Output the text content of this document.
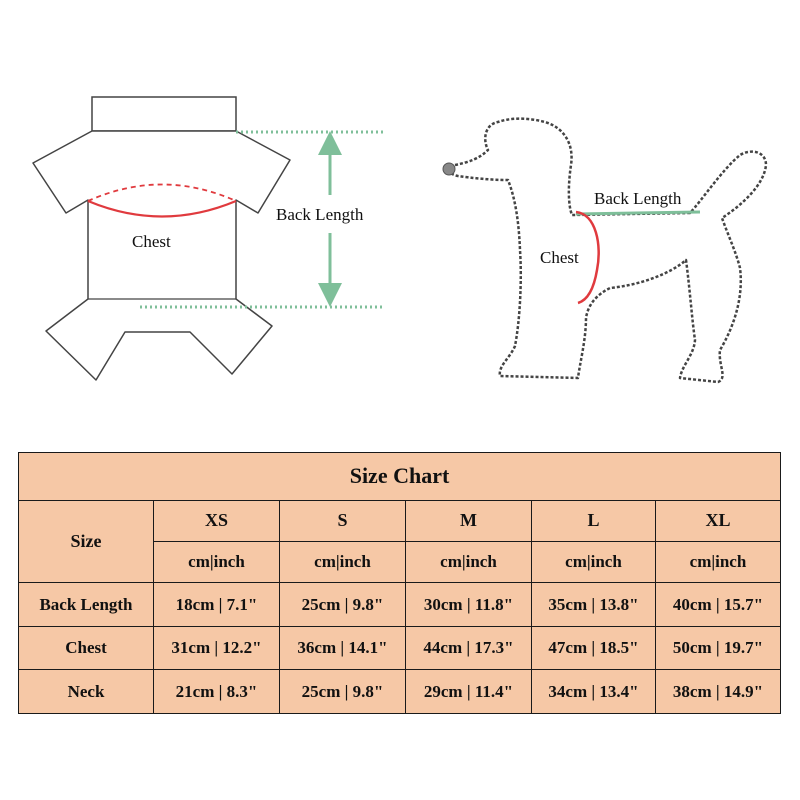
Chest
Back Length
Back Length
Chest
Size Chart					
Size	XS	S	M	L	XL
	cm|inch	cm|inch	cm|inch	cm|inch	cm|inch
Back Length	18cm | 7.1"	25cm | 9.8"	30cm | 11.8"	35cm | 13.8"	40cm | 15.7"
Chest	31cm | 12.2"	36cm | 14.1"	44cm | 17.3"	47cm | 18.5"	50cm | 19.7"
Neck	21cm | 8.3"	25cm | 9.8"	29cm | 11.4"	34cm | 13.4"	38cm | 14.9"
